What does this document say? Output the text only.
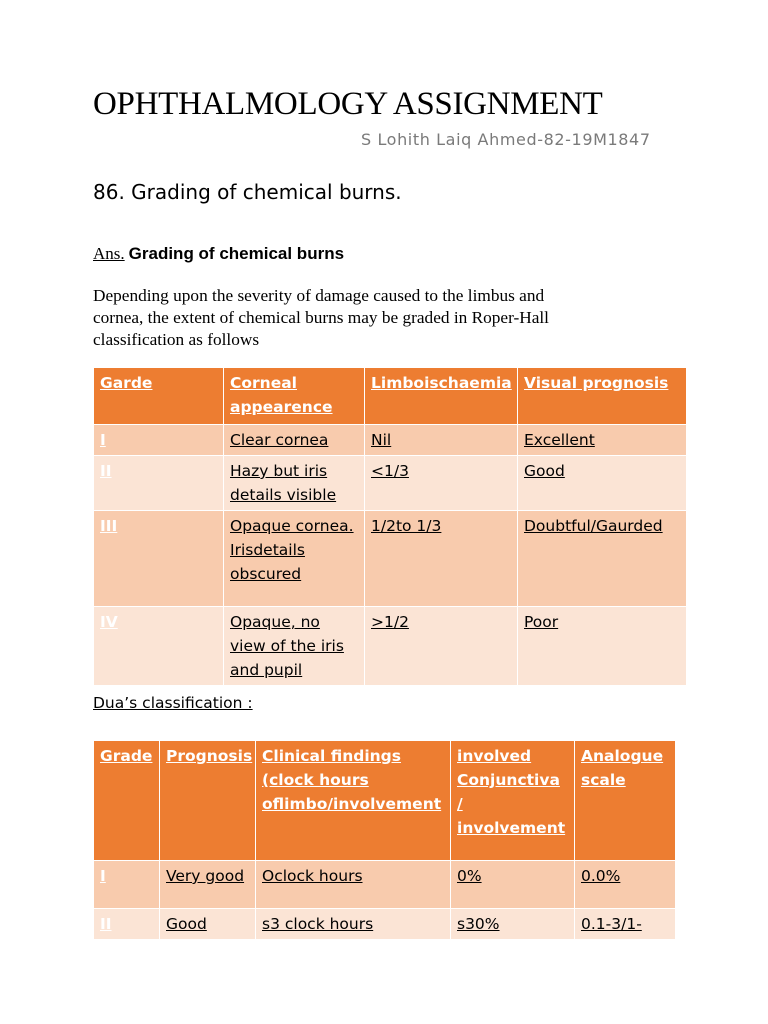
OPHTHALMOLOGY ASSIGNMENT
S Lohith Laiq Ahmed-82-19M1847
86. Grading of chemical burns.
Ans. Grading of chemical burns
Depending upon the severity of damage caused to the limbus and
cornea, the extent of chemical burns may be graded in Roper-Hall
classification as follows
Garde	Corneal appearence	Limboischaemia	Visual prognosis
I	Clear cornea	Nil	Excellent
II	Hazy but iris details visible	<1/3	Good
III	Opaque cornea. Irisdetails obscured	1/2to 1/3	Doubtful/Gaurded
IV	Opaque, no view of the iris and pupil	>1/2	Poor
Dua’s classification :
Grade	Prognosis	Clinical findings (clock hours oflimbo/involvement	involved Conjunctiva / involvement	Analogue scale
I	Very good	Oclock hours	0%	0.0%
II	Good	s3 clock hours	s30%	0.1-3/1-
